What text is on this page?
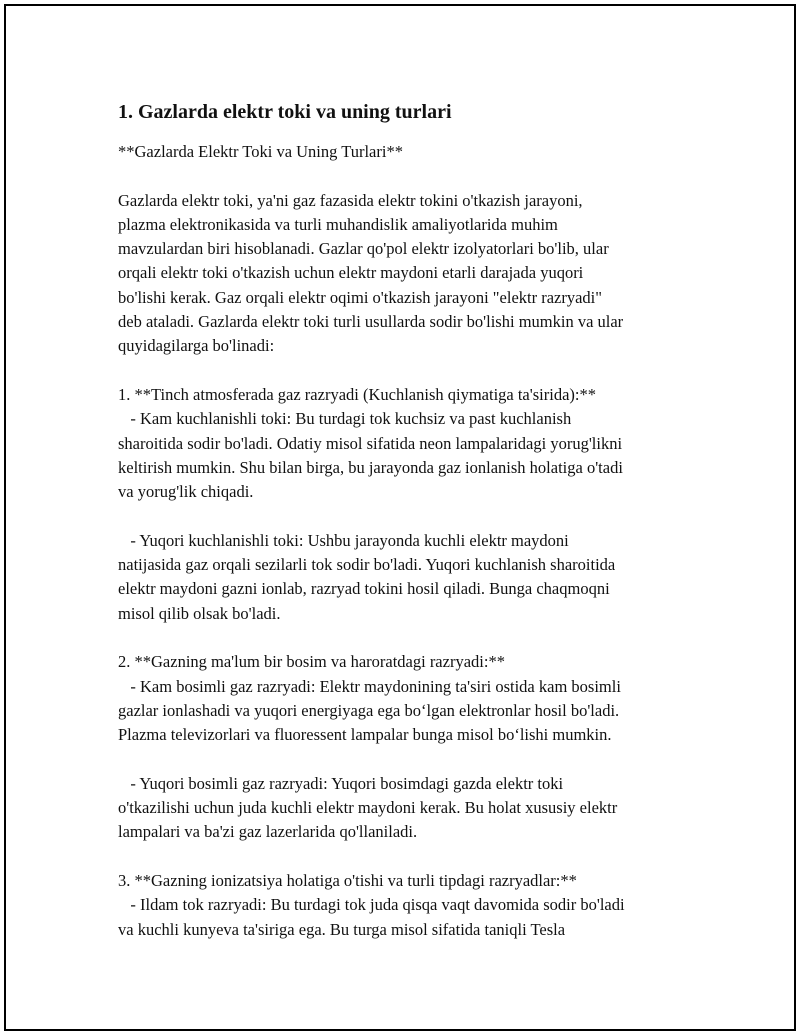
1. Gazlarda elektr toki va uning turlari

**Gazlarda Elektr Toki va Uning Turlari**

Gazlarda elektr toki, ya'ni gaz fazasida elektr tokini o'tkazish jarayoni,
plazma elektronikasida va turli muhandislik amaliyotlarida muhim
mavzulardan biri hisoblanadi. Gazlar qo'pol elektr izolyatorlari bo'lib, ular
orqali elektr toki o'tkazish uchun elektr maydoni etarli darajada yuqori
bo'lishi kerak. Gaz orqali elektr oqimi o'tkazish jarayoni "elektr razryadi"
deb ataladi. Gazlarda elektr toki turli usullarda sodir bo'lishi mumkin va ular
quyidagilarga bo'linadi:

1. **Tinch atmosferada gaz razryadi (Kuchlanish qiymatiga ta'sirida):**

- Kam kuchlanishli toki: Bu turdagi tok kuchsiz va past kuchlanish
sharoitida sodir bo'ladi. Odatiy misol sifatida neon lampalaridagi yorug'likni
keltirish mumkin. Shu bilan birga, bu jarayonda gaz ionlanish holatiga o'tadi
va yorug'lik chiqadi.

- Yuqori kuchlanishli toki: Ushbu jarayonda kuchli elektr maydoni
natijasida gaz orqali sezilarli tok sodir bo'ladi. Yuqori kuchlanish sharoitida
elektr maydoni gazni ionlab, razryad tokini hosil qiladi. Bunga chaqmoqni
misol qilib olsak bo'ladi.

2. **Gazning ma'lum bir bosim va haroratdagi razryadi:**

- Kam bosimli gaz razryadi: Elektr maydonining ta'siri ostida kam bosimli
gazlar ionlashadi va yuqori energiyaga ega bo‘lgan elektronlar hosil bo'ladi.
Plazma televizorlari va fluoressent lampalar bunga misol bo‘lishi mumkin.

- Yuqori bosimli gaz razryadi: Yuqori bosimdagi gazda elektr toki
o'tkazilishi uchun juda kuchli elektr maydoni kerak. Bu holat xususiy elektr
lampalari va ba'zi gaz lazerlarida qo'llaniladi.

3. **Gazning ionizatsiya holatiga o'tishi va turli tipdagi razryadlar:**

- Ildam tok razryadi: Bu turdagi tok juda qisqa vaqt davomida sodir bo'ladi
va kuchli kunyeva ta'siriga ega. Bu turga misol sifatida taniqli Tesla
